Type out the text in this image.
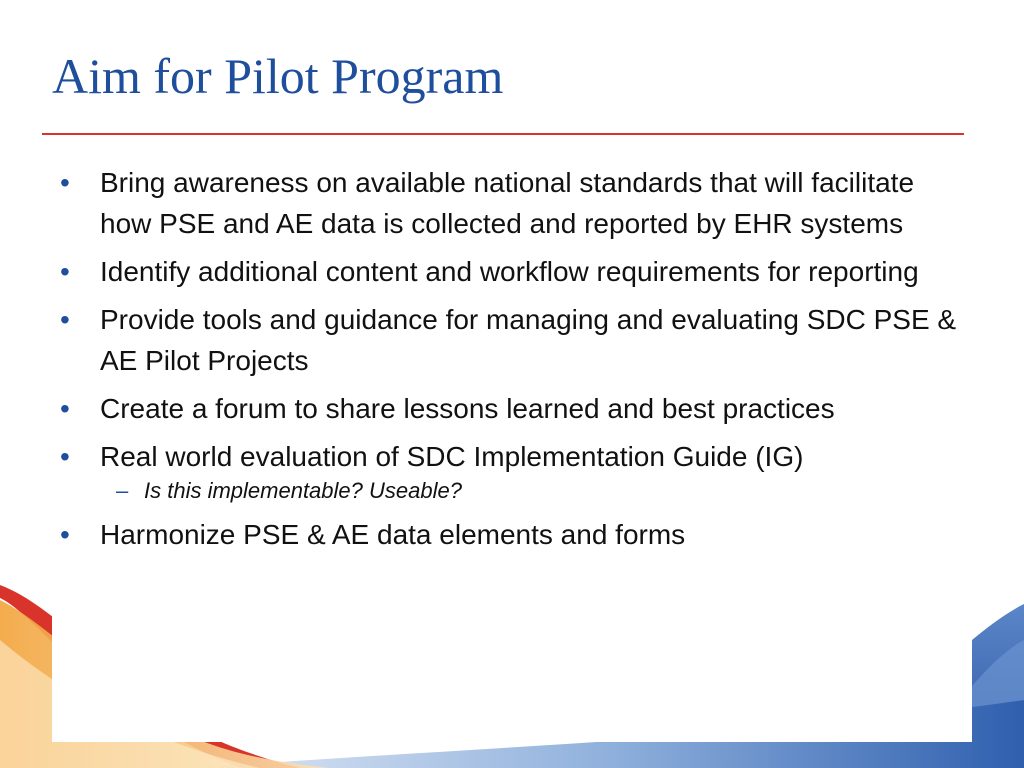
Aim for Pilot Program
• Bring awareness on available national standards that will facilitate how PSE and AE data is collected and reported by EHR systems
• Identify additional content and workflow requirements for reporting
• Provide tools and guidance for managing and evaluating SDC PSE & AE Pilot Projects
• Create a forum to share lessons learned and best practices
• Real world evaluation of SDC Implementation Guide (IG)
– Is this implementable? Useable?
• Harmonize PSE & AE data elements and forms
